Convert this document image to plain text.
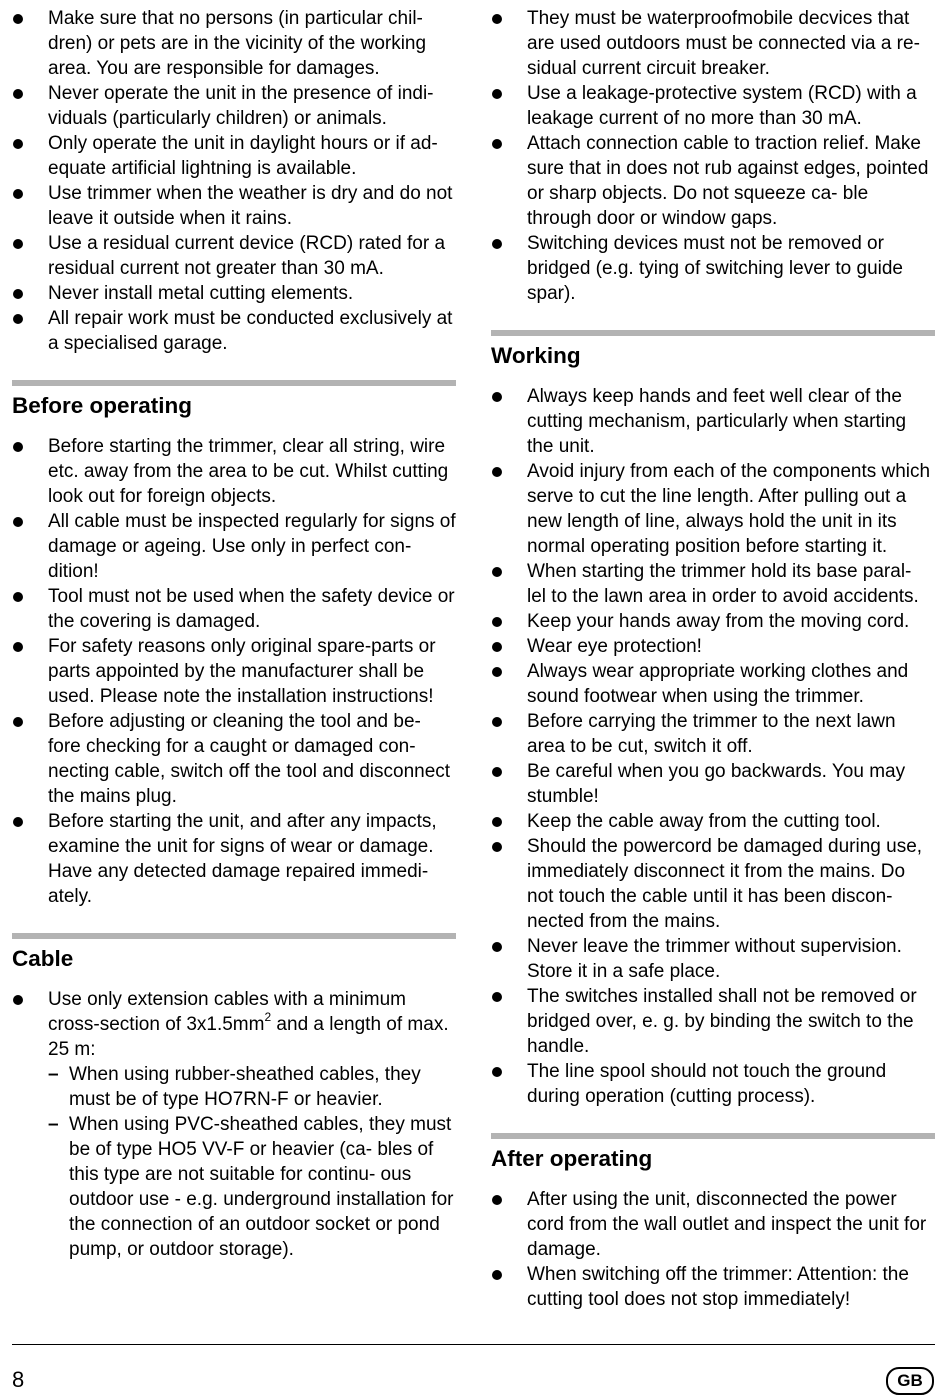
Make sure that no persons (in particular chil- dren) or pets are in the vicinity of the working area. You are responsible for damages.
Never operate the unit in the presence of indi- viduals (particularly children) or animals.
Only operate the unit in daylight hours or if ad- equate artificial lightning is available.
Use trimmer when the weather is dry and do not leave it outside when it rains.
Use a residual current device (RCD) rated for a residual current not greater than 30 mA.
Never install metal cutting elements.
All repair work must be conducted exclusively at a specialised garage.
Before operating
Before starting the trimmer, clear all string, wire etc. away from the area to be cut. Whilst cutting look out for foreign objects.
All cable must be inspected regularly for signs of damage or ageing. Use only in perfect con- dition!
Tool must not be used when the safety device or the covering is damaged.
For safety reasons only original spare-parts or parts appointed by the manufacturer shall be used. Please note the installation instructions!
Before adjusting or cleaning the tool and be- fore checking for a caught or damaged con- necting cable, switch off the tool and disconnect the mains plug.
Before starting the unit, and after any impacts, examine the unit for signs of wear or damage. Have any detected damage repaired immedi- ately.
Cable
Use only extension cables with a minimum cross-section of $3x1.5mm^2$ and a length of max. 25 m:
– When using rubber-sheathed cables, they must be of type HO7RN-F or heavier.
– When using PVC-sheathed cables, they must be of type HO5 VV-F or heavier (ca- bles of this type are not suitable for continu- ous outdoor use - e.g. underground installation for the connection of an outdoor socket or pond pump, or outdoor storage).
They must be waterproofmobile decvices that are used outdoors must be connected via a re- sidual current circuit breaker.
Use a leakage-protective system (RCD) with a leakage current of no more than 30 mA.
Attach connection cable to traction relief. Make sure that in does not rub against edges, pointed or sharp objects. Do not squeeze ca- ble through door or window gaps.
Switching devices must not be removed or bridged (e.g. tying of switching lever to guide spar).
Working
Always keep hands and feet well clear of the cutting mechanism, particularly when starting the unit.
Avoid injury from each of the components which serve to cut the line length. After pulling out a new length of line, always hold the unit in its normal operating position before starting it.
When starting the trimmer hold its base paral- lel to the lawn area in order to avoid accidents.
Keep your hands away from the moving cord.
Wear eye protection!
Always wear appropriate working clothes and sound footwear when using the trimmer.
Before carrying the trimmer to the next lawn area to be cut, switch it off.
Be careful when you go backwards. You may stumble!
Keep the cable away from the cutting tool.
Should the powercord be damaged during use, immediately disconnect it from the mains. Do not touch the cable until it has been discon- nected from the mains.
Never leave the trimmer without supervision. Store it in a safe place.
The switches installed shall not be removed or bridged over, e. g. by binding the switch to the handle.
The line spool should not touch the ground during operation (cutting process).
After operating
After using the unit, disconnected the power cord from the wall outlet and inspect the unit for damage.
When switching off the trimmer: Attention: the cutting tool does not stop immediately!
8	GB
